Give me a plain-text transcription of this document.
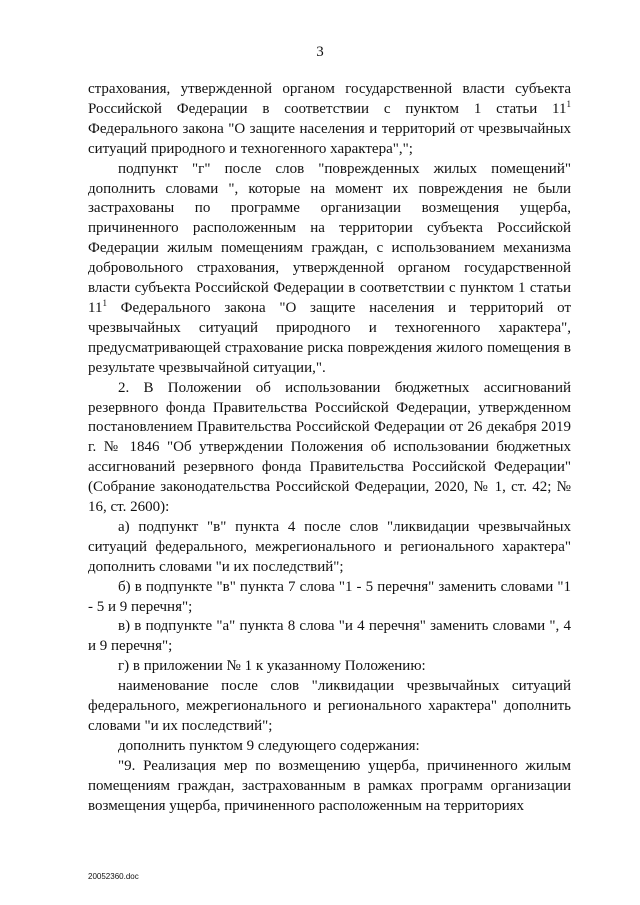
3

страхования, утвержденной органом государственной власти субъекта Российской Федерации в соответствии с пунктом 1 статьи $11^1$ Федерального закона "О защите населения и территорий от чрезвычайных ситуаций природного и техногенного характера",";

подпункт "г" после слов "поврежденных жилых помещений" дополнить словами ", которые на момент их повреждения не были застрахованы по программе организации возмещения ущерба, причиненного расположенным на территории субъекта Российской Федерации жилым помещениям граждан, с использованием механизма добровольного страхования, утвержденной органом государственной власти субъекта Российской Федерации в соответствии с пунктом 1 статьи $11^1$ Федерального закона "О защите населения и территорий от чрезвычайных ситуаций природного и техногенного характера", предусматривающей страхование риска повреждения жилого помещения в результате чрезвычайной ситуации,".

2. В Положении об использовании бюджетных ассигнований резервного фонда Правительства Российской Федерации, утвержденном постановлением Правительства Российской Федерации от 26 декабря 2019 г. № 1846 "Об утверждении Положения об использовании бюджетных ассигнований резервного фонда Правительства Российской Федерации" (Собрание законодательства Российской Федерации, 2020, № 1, ст. 42; № 16, ст. 2600):

а) подпункт "в" пункта 4 после слов "ликвидации чрезвычайных ситуаций федерального, межрегионального и регионального характера" дополнить словами "и их последствий";

б) в подпункте "в" пункта 7 слова "1 - 5 перечня" заменить словами "1 - 5 и 9 перечня";

в) в подпункте "а" пункта 8 слова "и 4 перечня" заменить словами ", 4 и 9 перечня";

г) в приложении № 1 к указанному Положению:

наименование после слов "ликвидации чрезвычайных ситуаций федерального, межрегионального и регионального характера" дополнить словами "и их последствий";

дополнить пунктом 9 следующего содержания:

"9. Реализация мер по возмещению ущерба, причиненного жилым помещениям граждан, застрахованным в рамках программ организации возмещения ущерба, причиненного расположенным на территориях

20052360.doc
